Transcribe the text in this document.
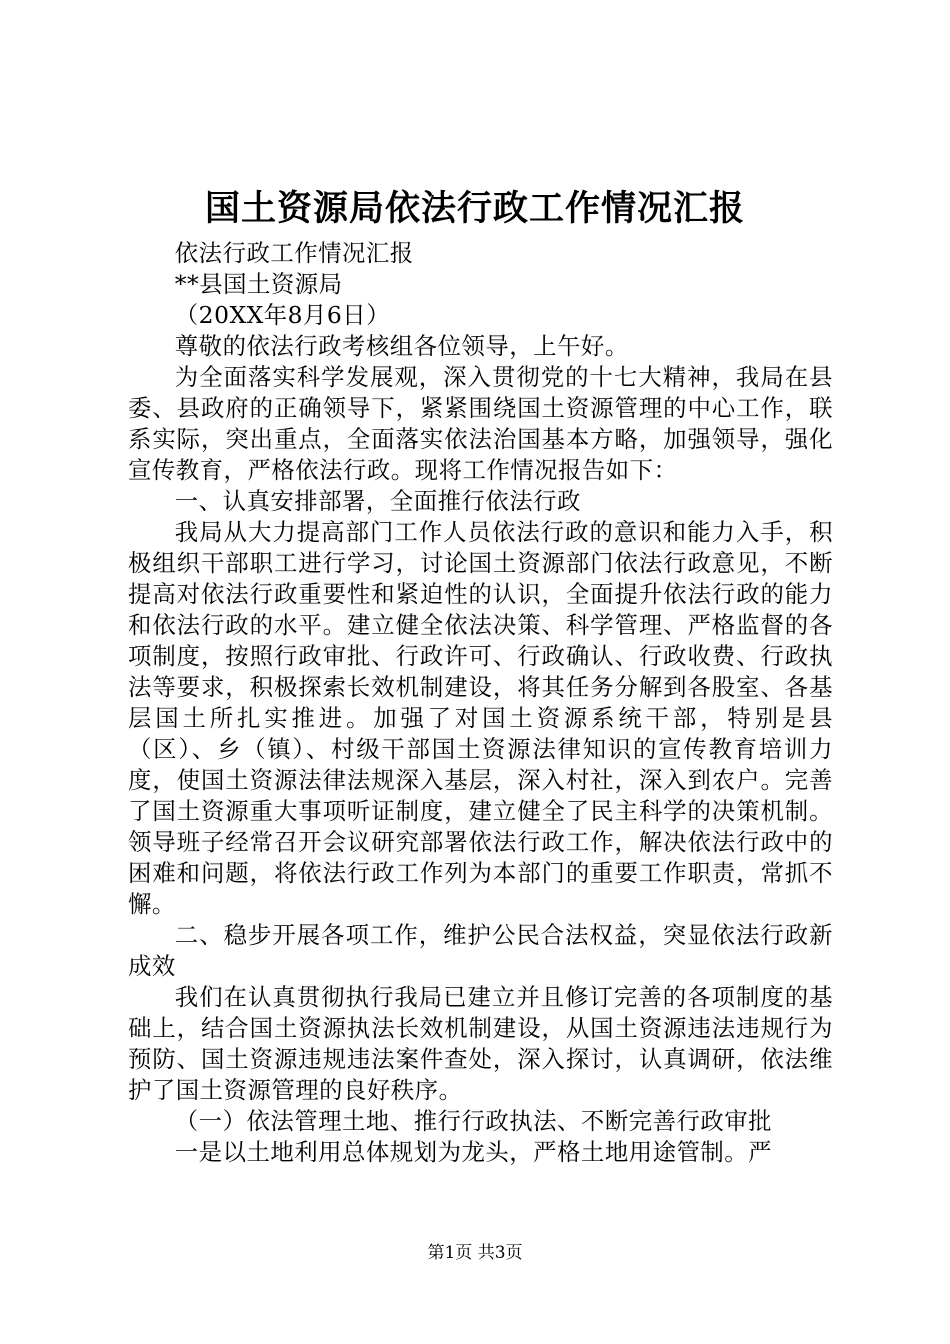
国土资源局依法行政工作情况汇报

依法行政工作情况汇报

**县国土资源局

（20XX年8月6日）

尊敬的依法行政考核组各位领导，上午好。

为全面落实科学发展观，深入贯彻党的十七大精神，我局在县委、县政府的正确领导下，紧紧围绕国土资源管理的中心工作，联系实际，突出重点，全面落实依法治国基本方略，加强领导，强化宣传教育，严格依法行政。现将工作情况报告如下：

一、认真安排部署，全面推行依法行政

我局从大力提高部门工作人员依法行政的意识和能力入手，积极组织干部职工进行学习，讨论国土资源部门依法行政意见，不断提高对依法行政重要性和紧迫性的认识，全面提升依法行政的能力和依法行政的水平。建立健全依法决策、科学管理、严格监督的各项制度，按照行政审批、行政许可、行政确认、行政收费、行政执法等要求，积极探索长效机制建设，将其任务分解到各股室、各基层国土所扎实推进。加强了对国土资源系统干部，特别是县（区）、乡（镇）、村级干部国土资源法律知识的宣传教育培训力度，使国土资源法律法规深入基层，深入村社，深入到农户。完善了国土资源重大事项听证制度，建立健全了民主科学的决策机制。领导班子经常召开会议研究部署依法行政工作，解决依法行政中的困难和问题，将依法行政工作列为本部门的重要工作职责，常抓不懈。

二、稳步开展各项工作，维护公民合法权益，突显依法行政新成效

我们在认真贯彻执行我局已建立并且修订完善的各项制度的基础上，结合国土资源执法长效机制建设，从国土资源违法违规行为预防、国土资源违规违法案件查处，深入探讨，认真调研，依法维护了国土资源管理的良好秩序。

（一）依法管理土地、推行行政执法、不断完善行政审批

一是以土地利用总体规划为龙头，严格土地用途管制。严

第1页 共3页
